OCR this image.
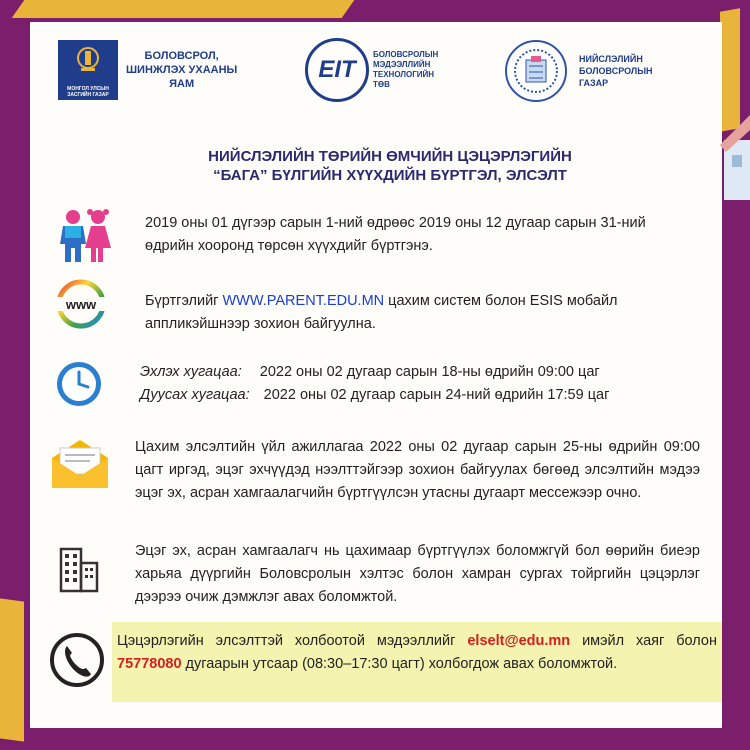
МОНГОЛ УЛСЫН ЗАСГИЙН ГАЗАР
БОЛОВСРОЛ,
ШИНЖЛЭХ УХААНЫ
ЯАМ
EIT
БОЛОВСРОЛЫН
МЭДЭЭЛЛИЙН
ТЕХНОЛОГИЙН
ТӨВ
НИЙСЛЭЛИЙН
БОЛОВСРОЛЫН
ГАЗАР
НИЙСЛЭЛИЙН ТӨРИЙН ӨМЧИЙН ЦЭЦЭРЛЭГИЙН
“БАГА” БҮЛГИЙН ХҮҮХДИЙН БҮРТГЭЛ, ЭЛСЭЛТ
2019 оны 01 дүгээр сарын 1-ний өдрөөс 2019 оны 12 дугаар сарын 31-ний өдрийн хооронд төрсөн хүүхдийг бүртгэнэ.
www	Бүртгэлийг WWW.PARENT.EDU.MN цахим систем болон ESIS мобайл аппликэйшнээр зохион байгуулна.
Эхлэх хугацаа: 2022 оны 02 дугаар сарын 18-ны өдрийн 09:00 цаг
Дуусах хугацаа: 2022 оны 02 дугаар сарын 24-ний өдрийн 17:59 цаг
Цахим элсэлтийн үйл ажиллагаа 2022 оны 02 дугаар сарын 25-ны өдрийн 09:00 цагт иргэд, эцэг эхчүүдэд нээлттэйгээр зохион байгуулах бөгөөд элсэлтийн мэдээ эцэг эх, асран хамгаалагчийн бүртгүүлсэн утасны дугаарт мессежээр очно.
Эцэг эх, асран хамгаалагч нь цахимаар бүртгүүлэх боломжгүй бол өөрийн биеэр харьяа дүүргийн Боловсролын хэлтэс болон хамран сургах тойргийн цэцэрлэг дээрээ очиж дэмжлэг авах боломжтой.
Цэцэрлэгийн элсэлттэй холбоотой мэдээллийг elselt@edu.mn имэйл хаяг болон 75778080 дугаарын утсаар (08:30–17:30 цагт) холбогдож авах боломжтой.
